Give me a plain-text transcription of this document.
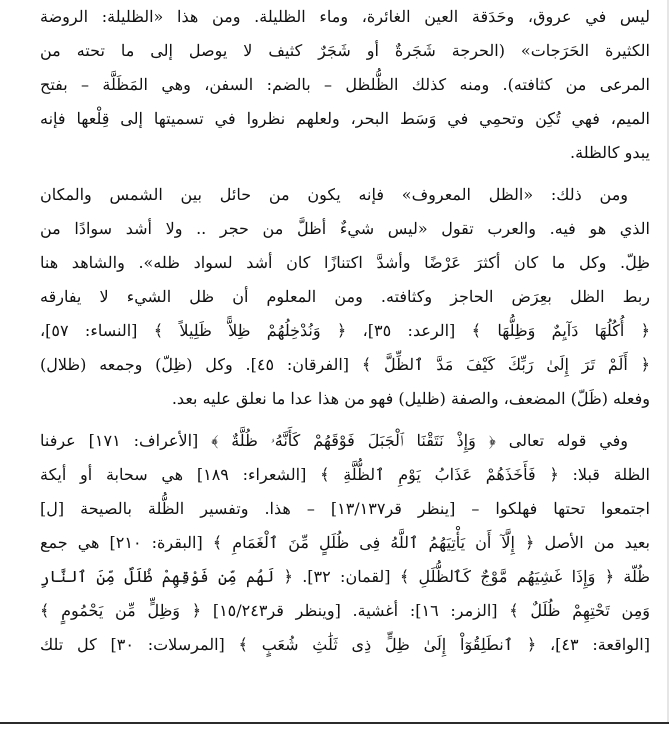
ليس في عروق، وحَدَقة العين الغائرة، وماء الظليلة. ومن هذا «الظليلة: الروضة
الكثيرة الحَرَجات» (الحرجة شَجَرةٌ أو شَجَرٌ كثيف لا يوصل إلى ما تحته من
المرعى من كثافته). ومنه كذلك الظُّلظل – بالضم: السفن، وهي المَظَلَّة – بفتح
الميم، فهي تُكِن وتحمِي في وَسَط البحر، ولعلهم نظروا في تسميتها إلى قِلْعها فإنه
يبدو كالظلة.
ومن ذلك: «الظل المعروف» فإنه يكون من حائل بين الشمس والمكان
الذي هو فيه. والعرب تقول «ليس شيءٌ أظلَّ من حجر .. ولا أشد سوادًا من
ظِلّ. وكل ما كان أكثرَ عَرْضًا وأشدَّ اكتنازًا كان أشد لسواد ظله». والشاهد هنا
ربط الظل بعِرَض الحاجز وكثافته. ومن المعلوم أن ظل الشيء لا يفارقه
﴿ أُكُلُهَا دَآيِمٌ وَظِلُّهَا ﴾ [الرعد: ٣٥]، ﴿ وَنُدْخِلُهُمْ ظِلاًّ ظَلِيلاً ﴾ [النساء: ٥٧]،
﴿ أَلَمْ تَرَ إِلَىٰ رَبِّكَ كَيْفَ مَدَّ ٱلظِّلَّ ﴾ [الفرقان: ٤٥]. وكل (ظِلّ) وجمعه (ظلال)
وفعله (ظَلّ) المضعف، والصفة (ظليل) فهو من هذا عدا ما نعلق عليه بعد.
وفي قوله تعالى ﴿ وَإِذْ نَتَقْنَا ٱلْجَبَلَ فَوْقَهُمْ كَأَنَّهُۥ ظُلَّةٌ ﴾ [الأعراف: ١٧١] عرفنا
الظلة قبلا: ﴿ فَأَخَذَهُمْ عَذَابُ يَوْمِ ٱلظُّلَّةِ ﴾ [الشعراء: ١٨٩] هي سحابة أو أيكة
اجتمعوا تحتها فهلكوا – [ينظر قر١٣/١٣٧] – هذا. وتفسير الظُّلة بالصيحة [ل]
بعيد من الأصل ﴿ إِلَّآ أَن يَأْتِيَهُمُ ٱللَّهُ فِى ظُلَلٍ مِّنَ ٱلْغَمَامِ ﴾ [البقرة: ٢١٠] هي جمع
ظُلّة ﴿ وَإِذَا غَشِيَهُم مَّوْجٌ كَٱلظُّلَلِ ﴾ [لقمان: ٣٢]. ﴿ لَهُم مِّن فَوْقِهِمْ ظُلَلٌ مِّنَ ٱلنَّارِ
وَمِن تَحْتِهِمْ ظُلَلٌ ﴾ [الزمر: ١٦]: أغشية. [وينظر قر١٥/٢٤٣] ﴿ وَظِلٍّ مِّن يَحْمُومٍ ﴾
[الواقعة: ٤٣]، ﴿ ٱنطَلِقُوٓاْ إِلَىٰ ظِلٍّ ذِى ثَلَٰثِ شُعَبٍ ﴾ [المرسلات: ٣٠] كل تلك
